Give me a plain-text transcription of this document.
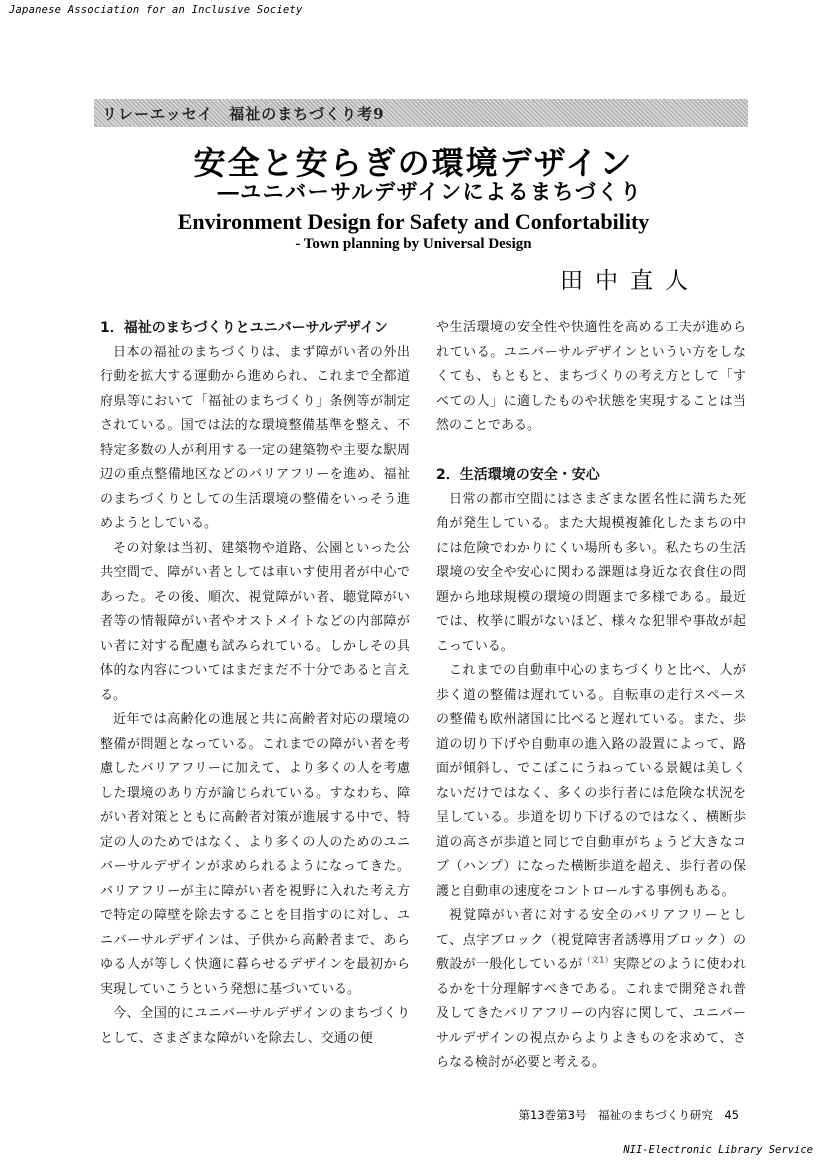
Japanese Association for an Inclusive Society
リレーエッセイ　福祉のまちづくり考9
安全と安らぎの環境デザイン
―ユニバーサルデザインによるまちづくり
Environment Design for Safety and Confortability
- Town planning by Universal Design
田中直人
1．福祉のまちづくりとユニバーサルデザイン

日本の福祉のまちづくりは、まず障がい者の外出行動を拡大する運動から進められ、これまで全都道府県等において「福祉のまちづくり」条例等が制定されている。国では法的な環境整備基準を整え、不特定多数の人が利用する一定の建築物や主要な駅周辺の重点整備地区などのバリアフリーを進め、福祉のまちづくりとしての生活環境の整備をいっそう進めようとしている。

その対象は当初、建築物や道路、公園といった公共空間で、障がい者としては車いす使用者が中心であった。その後、順次、視覚障がい者、聴覚障がい者等の情報障がい者やオストメイトなどの内部障がい者に対する配慮も試みられている。しかしその具体的な内容についてはまだまだ不十分であると言える。

近年では高齢化の進展と共に高齢者対応の環境の整備が問題となっている。これまでの障がい者を考慮したバリアフリーに加えて、より多くの人を考慮した環境のあり方が論じられている。すなわち、障がい者対策とともに高齢者対策が進展する中で、特定の人のためではなく、より多くの人のためのユニバーサルデザインが求められるようになってきた。バリアフリーが主に障がい者を視野に入れた考え方で特定の障壁を除去することを目指すのに対し、ユニバーサルデザインは、子供から高齢者まで、あらゆる人が等しく快適に暮らせるデザインを最初から実現していこうという発想に基づいている。

今、全国的にユニバーサルデザインのまちづくりとして、さまざまな障がいを除去し、交通の便

や生活環境の安全性や快適性を高める工夫が進められている。ユニバーサルデザインというい方をしなくても、もともと、まちづくりの考え方として「すべての人」に適したものや状態を実現することは当然のことである。

2．生活環境の安全・安心

日常の都市空間にはさまざまな匿名性に満ちた死角が発生している。また大規模複雑化したまちの中には危険でわかりにくい場所も多い。私たちの生活環境の安全や安心に関わる課題は身近な衣食住の問題から地球規模の環境の問題まで多様である。最近では、枚挙に暇がないほど、様々な犯罪や事故が起こっている。

これまでの自動車中心のまちづくりと比べ、人が歩く道の整備は遅れている。自転車の走行スペースの整備も欧州諸国に比べると遅れている。また、歩道の切り下げや自動車の進入路の設置によって、路面が傾斜し、でこぼこにうねっている景観は美しくないだけではなく、多くの歩行者には危険な状況を呈している。歩道を切り下げるのではなく、横断歩道の高さが歩道と同じで自動車がちょうど大きなコブ（ハンプ）になった横断歩道を超え、歩行者の保護と自動車の速度をコントロールする事例もある。

視覚障がい者に対する安全のバリアフリーとして、点字ブロック（視覚障害者誘導用ブロック）の敷設が一般化しているが$^{(文1)}$実際どのように使われるかを十分理解すべきである。これまで開発され普及してきたバリアフリーの内容に関して、ユニバーサルデザインの視点からよりよきものを求めて、さらなる検討が必要と考える。

第13巻第3号　福祉のまちづくり研究　45
NII-Electronic Library Service
